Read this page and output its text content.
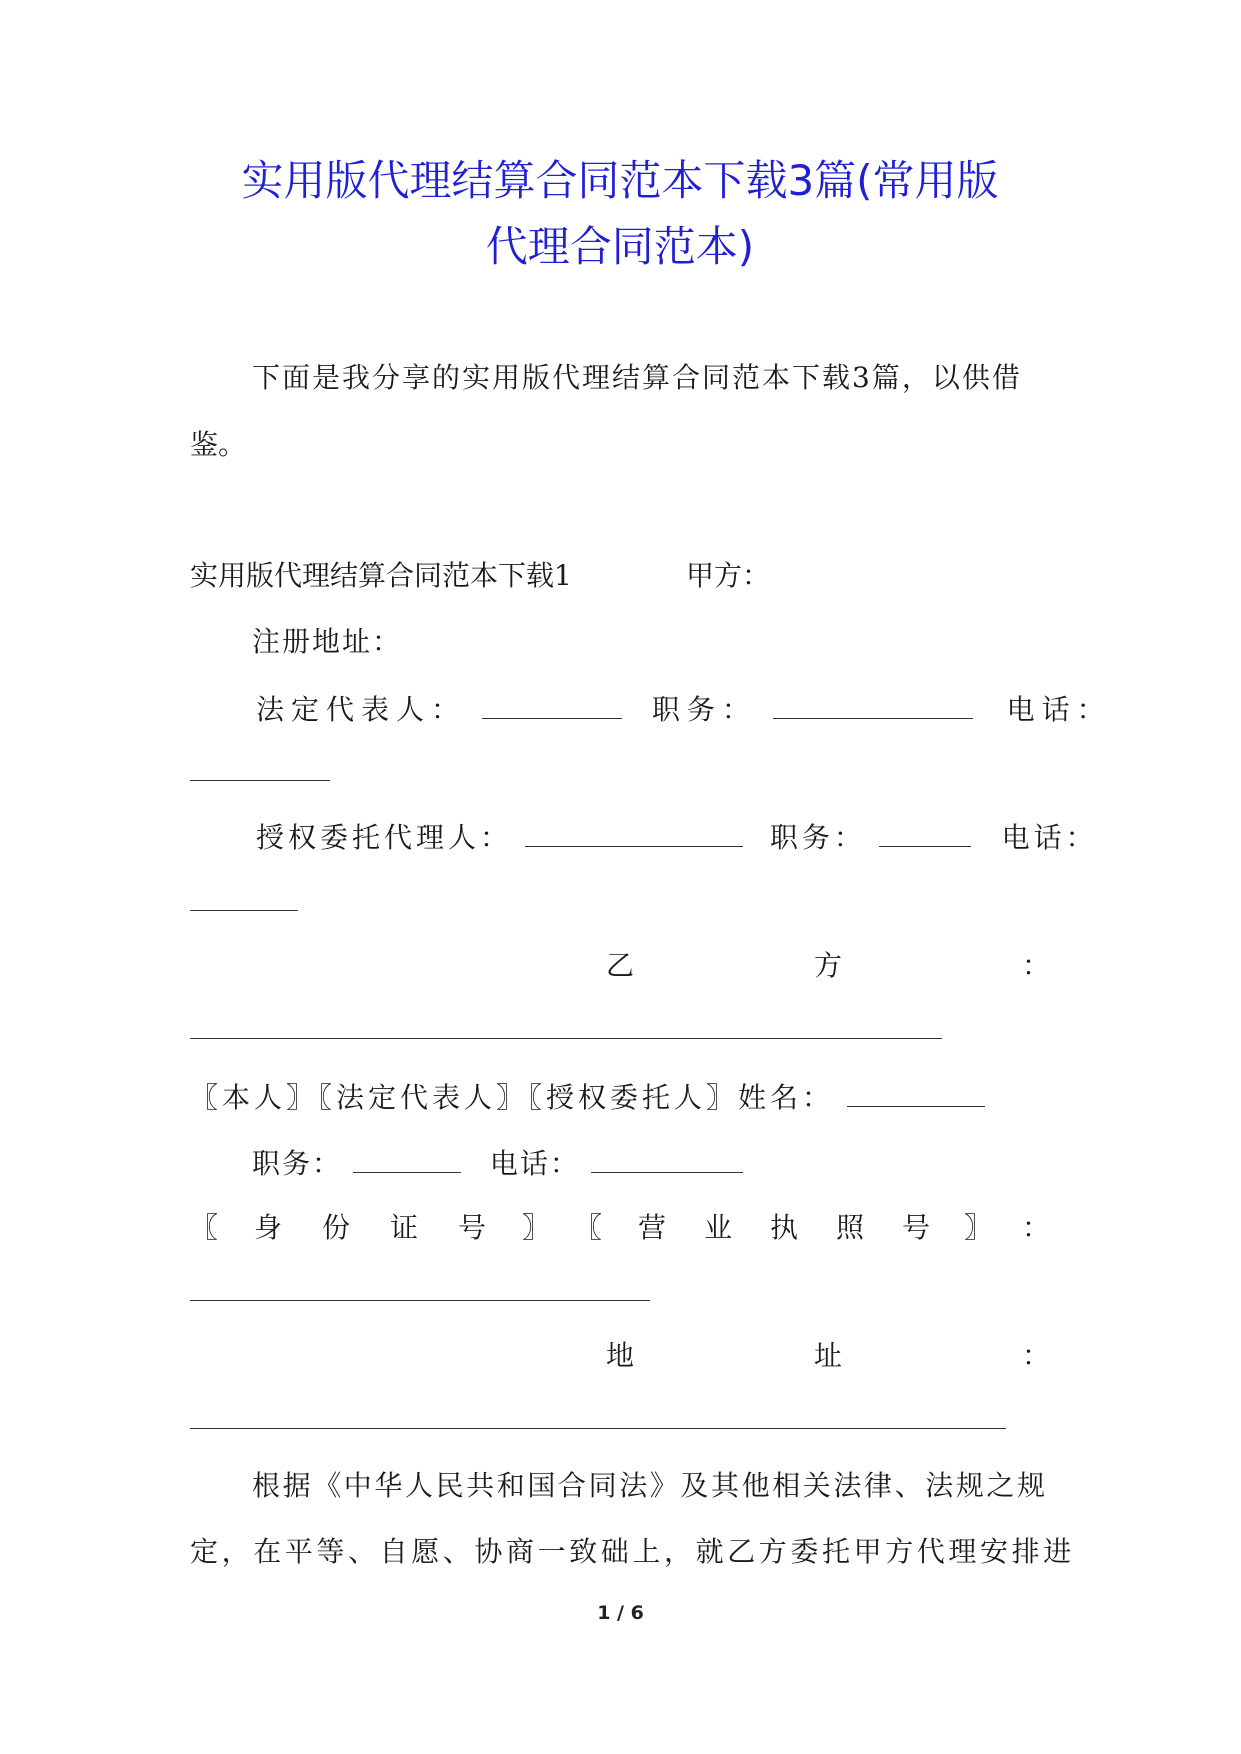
实用版代理结算合同范本下载3篇(常用版
代理合同范本)

下面是我分享的实用版代理结算合同范本下载3篇，以供借

鉴。

实用版代理结算合同范本下载1	甲方：

注册地址：

法定代表人：	职务：	电话：
授权委托代理人：	职务：	电话：
乙	方	：
〖本人〗〖法定代表人〗〖授权委托人〗姓名：
职务：	电话：
〖 身 份 证 号 〗 〖 营 业 执 照 号 〗 ：
地	址	：

根据《中华人民共和国合同法》及其他相关法律、法规之规

定，在平等、自愿、协商一致础上，就乙方委托甲方代理安排进

1 / 6
